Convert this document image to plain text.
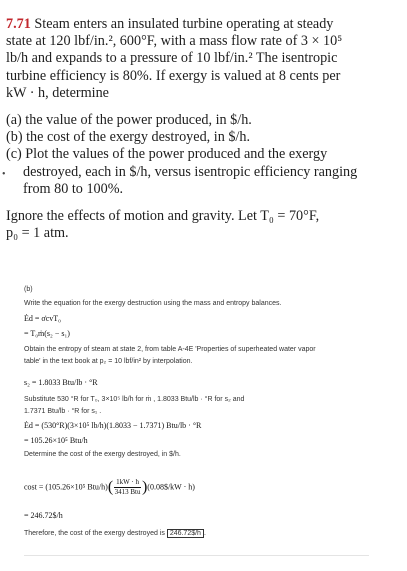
7.71 Steam enters an insulated turbine operating at steady
state at 120 lbf/in.², 600°F, with a mass flow rate of 3 × 10⁵
lb/h and expands to a pressure of 10 lbf/in.² The isentropic
turbine efficiency is 80%. If exergy is valued at 8 cents per
kW · h, determine
(a) the value of the power produced, in $/h.
(b) the cost of the exergy destroyed, in $/h.
(c) Plot the values of the power produced and the exergy
destroyed, each in $/h, versus isentropic efficiency ranging
from 80 to 100%.
Ignore the effects of motion and gravity. Let T₀ = 70°F,
p₀ = 1 atm.
•
(b)
Write the equation for the exergy destruction using the mass and entropy balances.
Ėd = σ̇cvT₀
= T₀ṁ(s₂ − s₁)
Obtain the entropy of steam at state 2, from table A-4E 'Properties of superheated water vapor
table' in the text book at p₂ = 10 lbf/in² by interpolation.
s₂ = 1.8033 Btu/lb · °R
Substitute 530 °R for T₀, 3×10⁵ lb/h for ṁ , 1.8033 Btu/lb · °R for s₂ and
1.7371 Btu/lb · °R for s₁ .
Ėd = (530°R)(3×10⁵ lb/h)(1.8033 − 1.7371) Btu/lb · °R
= 105.26×10⁵ Btu/h
Determine the cost of the exergy destroyed, in $/h.
cost = (105.26×10⁵ $Btu/h)( \frac{1kW \cdot h}{\text{3413 Btu}}$ )(0.08$/kW · h)
= 246.72$/h
Therefore, the cost of the exergy destroyed is 246.72$/h .
